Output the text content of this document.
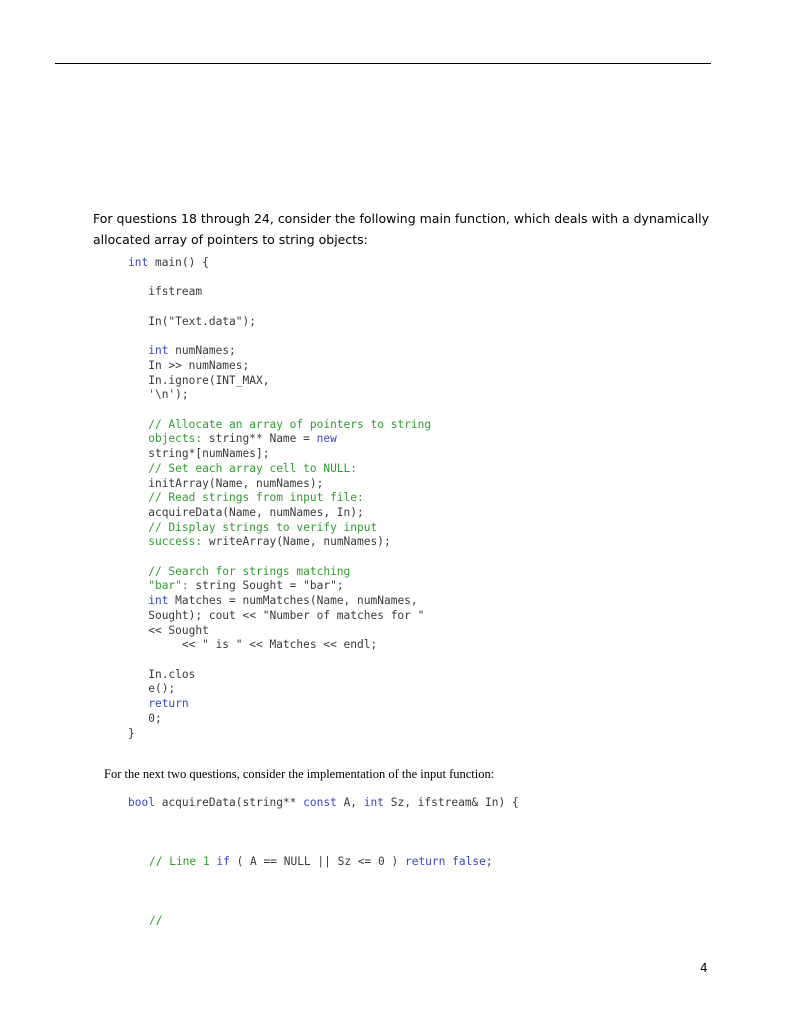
For questions 18 through 24, consider the following main function, which deals with a dynamically
allocated array of pointers to string objects:
int main() {

ifstream

In("Text.data");

int numNames;
In >> numNames;
In.ignore(INT_MAX,
'\n');

// Allocate an array of pointers to string
objects: string** Name = new
string*[numNames];
// Set each array cell to NULL:
initArray(Name, numNames);
// Read strings from input file:
acquireData(Name, numNames, In);
// Display strings to verify input
success: writeArray(Name, numNames);

// Search for strings matching
"bar": string Sought = "bar";
int Matches = numMatches(Name, numNames,
Sought); cout << "Number of matches for "
<< Sought
<< " is " << Matches << endl;

In.clos
e();
return
0;
}
For the next two questions, consider the implementation of the input function:
bool acquireData(string** const A, int Sz, ifstream& In) {
// Line 1 if ( A == NULL || Sz <= 0 ) return false;
//
4
